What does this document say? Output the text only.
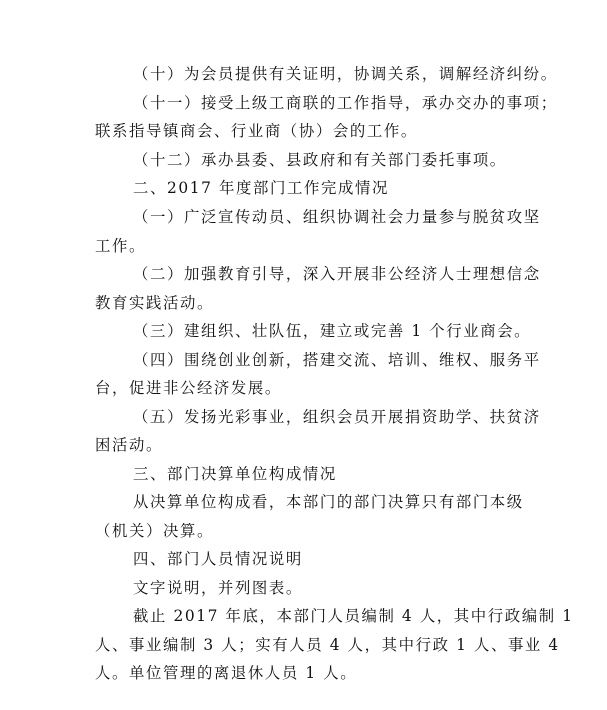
（十）为会员提供有关证明，协调关系，调解经济纠纷。
（十一）接受上级工商联的工作指导，承办交办的事项；
联系指导镇商会、行业商（协）会的工作。
（十二）承办县委、县政府和有关部门委托事项。
二、2017 年度部门工作完成情况
（一）广泛宣传动员、组织协调社会力量参与脱贫攻坚
工作。
（二）加强教育引导，深入开展非公经济人士理想信念
教育实践活动。
（三）建组织、壮队伍，建立或完善 1 个行业商会。
（四）围绕创业创新，搭建交流、培训、维权、服务平
台，促进非公经济发展。
（五）发扬光彩事业，组织会员开展捐资助学、扶贫济
困活动。
三、部门决算单位构成情况
从决算单位构成看，本部门的部门决算只有部门本级
（机关）决算。
四、部门人员情况说明
文字说明，并列图表。
截止 2017 年底，本部门人员编制 4 人，其中行政编制 1
人、事业编制 3 人；实有人员 4 人，其中行政 1 人、事业 4
人。单位管理的离退休人员 1 人。
